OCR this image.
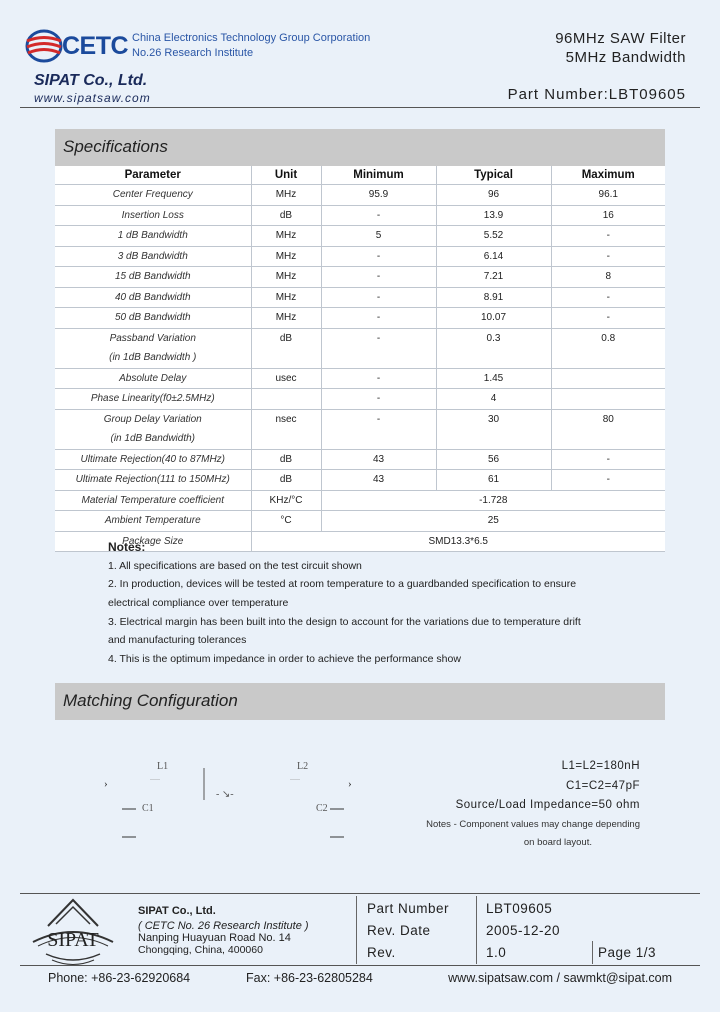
CETC China Electronics Technology Group Corporation
No.26 Research Institute
SIPAT Co., Ltd.
www.sipatsaw.com
96MHz SAW Filter
5MHz Bandwidth
Part Number:LBT09605
Specifications
Parameter	Unit	Minimum	Typical	Maximum
Center Frequency	MHz	95.9	96	96.1
Insertion Loss	dB	-	13.9	16
1 dB Bandwidth	MHz	5	5.52	-
3 dB Bandwidth	MHz	-	6.14	-
15 dB Bandwidth	MHz	-	7.21	8
40 dB Bandwidth	MHz	-	8.91	-
50 dB Bandwidth	MHz	-	10.07	-
Passband Variation	dB	-	0.3	0.8
(in 1dB Bandwidth )				
Absolute Delay	usec	-	1.45	
Phase Linearity(f0±2.5MHz)		-	4	
Group Delay Variation	nsec	-	30	80
(in 1dB Bandwidth)				
Ultimate Rejection(40 to 87MHz)	dB	43	56	-
Ultimate Rejection(111 to 150MHz)	dB	43	61	-
Material Temperature coefficient	KHz/°C	-1.728		
Ambient Temperature	°C	25		
Package Size	SMD13.3*6.5			
Notes:
1. All specifications are based on the test circuit shown
2. In production, devices will be tested at room temperature to a guardbanded specification to ensure
electrical compliance over temperature
3. Electrical margin has been built into the design to account for the variations due to temperature drift
and manufacturing tolerances
4. This is the optimum impedance in order to achieve the performance show
Matching Configuration
›
L1
.....
- ↘-
L2
.....
›
C1	C2
L1=L2=180nH
C1=C2=47pF
Source/Load Impedance=50 ohm
Notes - Component values may change depending
on board layout.
SIPAT
SIPAT Co., Ltd.
( CETC No. 26 Research Institute )
Nanping Huayuan Road No. 14
Chongqing, China, 400060
Part Number	LBT09605
Rev. Date	2005-12-20
Rev.	1.0	Page 1/3
Phone: +86-23-62920684	Fax: +86-23-62805284	www.sipatsaw.com / sawmkt@sipat.com
